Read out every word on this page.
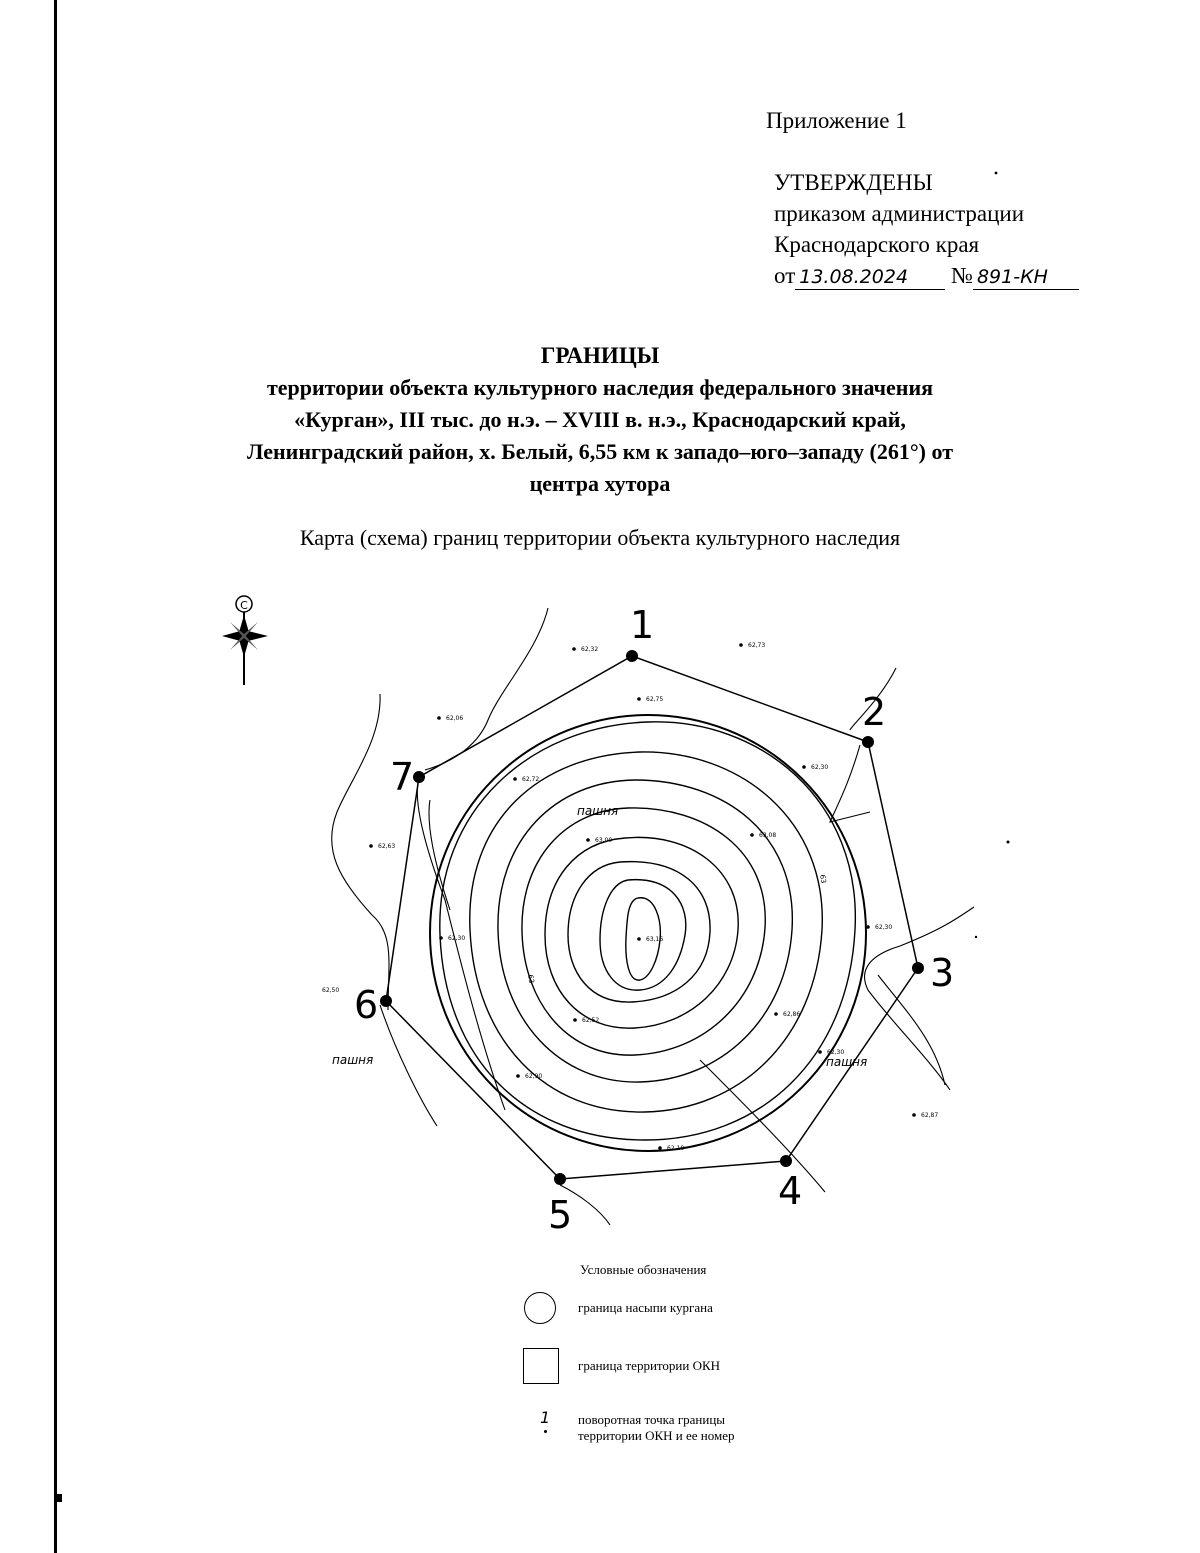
Приложение 1
УТВЕРЖДЕНЫ
приказом администрации
Краснодарского края
от 13.08.2024 № 891-КН
ГРАНИЦЫ
территории объекта культурного наследия федерального значения
«Курган», III тыс. до н.э. – XVIII в. н.э., Краснодарский край,
Ленинградский район, х. Белый, 6,55 км к западо–юго–западу (261°) от
центра хутора
Карта (схема) границ территории объекта культурного наследия
С
63
63
1
2
3
4
5
6
7
пашня
пашня	пашня
62,32
62,73
62,75
62,06
62,72
62,30
62,63
63,00
63,08
62,30
62,30	63,16
62,50
62,52
62,86
62,90
62,10
62,30
62,87
Условные обозначения
граница насыпи кургана
граница территории ОКН
1 поворотная точка границы
территории ОКН и ее номер
